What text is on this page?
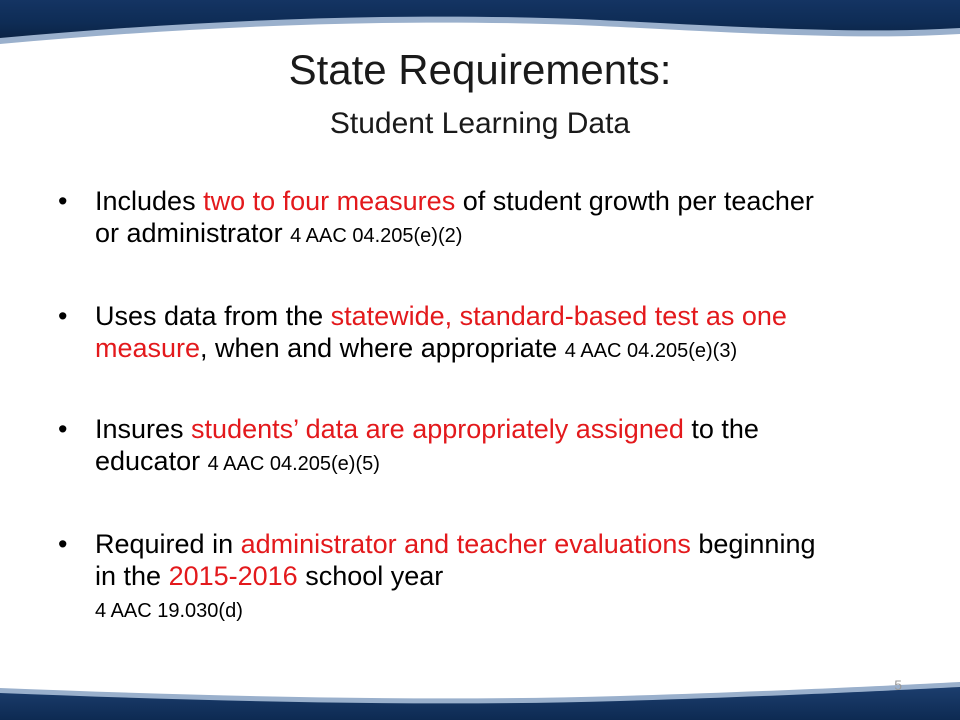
State Requirements:
Student Learning Data
• Includes two to four measures of student growth per teacher or administrator 4 AAC 04.205(e)(2)
• Uses data from the statewide, standard-based test as one measure, when and where appropriate 4 AAC 04.205(e)(3)
• Insures students’ data are appropriately assigned to the educator 4 AAC 04.205(e)(5)
• Required in administrator and teacher evaluations beginning in the 2015-2016 school year
4 AAC 19.030(d)
5
